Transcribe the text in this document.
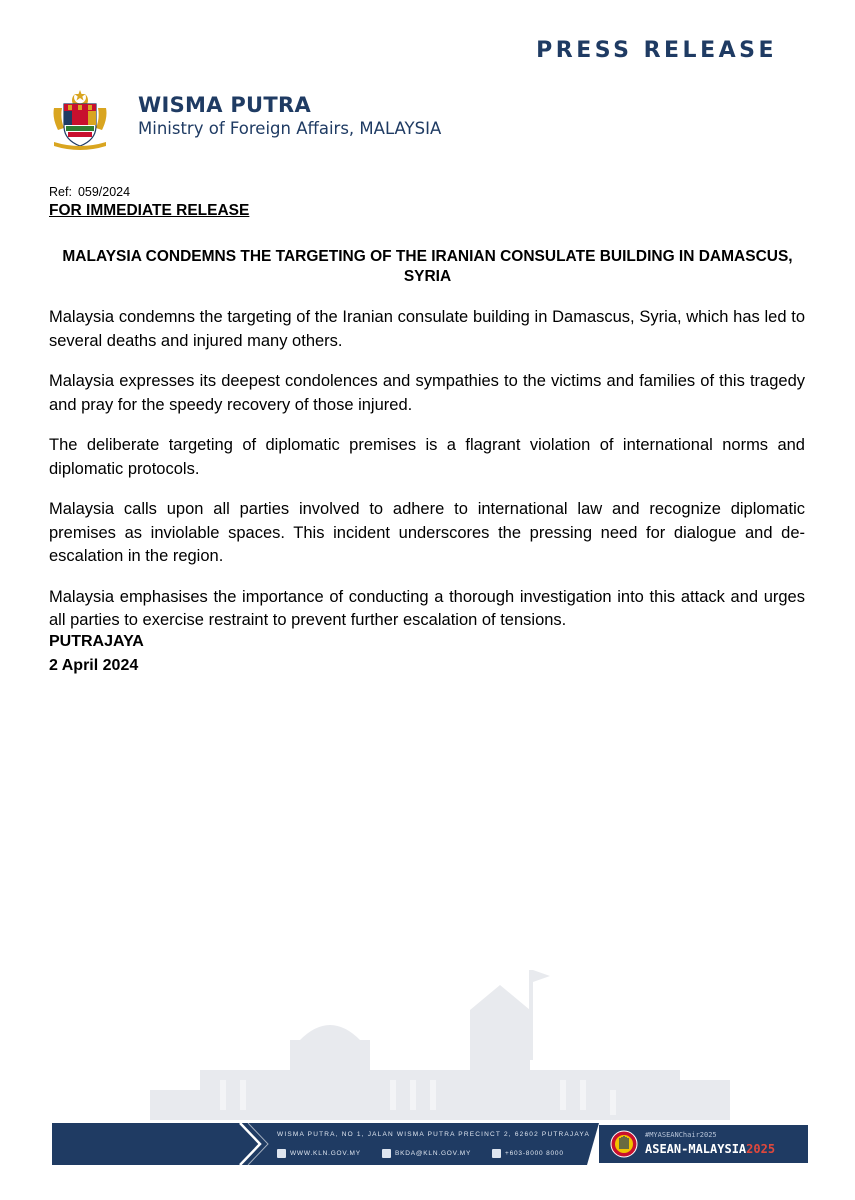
PRESS RELEASE
WISMA PUTRA
Ministry of Foreign Affairs, MALAYSIA
Ref: 059/2024
FOR IMMEDIATE RELEASE
MALAYSIA CONDEMNS THE TARGETING OF THE IRANIAN CONSULATE BUILDING IN DAMASCUS, SYRIA

Malaysia condemns the targeting of the Iranian consulate building in Damascus, Syria, which has led to several deaths and injured many others.

Malaysia expresses its deepest condolences and sympathies to the victims and families of this tragedy and pray for the speedy recovery of those injured.

The deliberate targeting of diplomatic premises is a flagrant violation of international norms and diplomatic protocols.

Malaysia calls upon all parties involved to adhere to international law and recognize diplomatic premises as inviolable spaces. This incident underscores the pressing need for dialogue and de-escalation in the region.

Malaysia emphasises the importance of conducting a thorough investigation into this attack and urges all parties to exercise restraint to prevent further escalation of tensions.

PUTRAJAYA
2 April 2024
WISMA PUTRA, NO 1, JALAN WISMA PUTRA PRECINCT 2, 62602 PUTRAJAYA
WWW.KLN.GOV.MY	BKDA@KLN.GOV.MY	+603-8000 8000
#MYASEANChair2025
ASEAN-MALAYSIA2025
